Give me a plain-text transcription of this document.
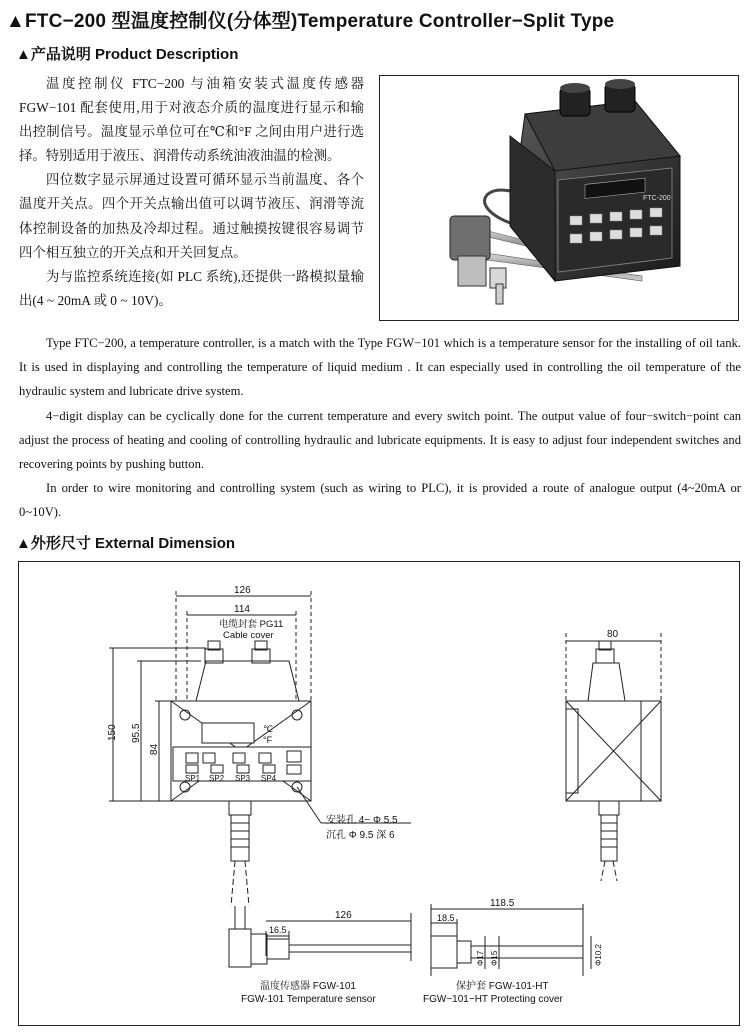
▲FTC−200 型温度控制仪(分体型)Temperature Controller−Split Type
▲产品说明 Product Description

温度控制仪 FTC−200 与油箱安装式温度传感器 FGW−101 配套使用,用于对液态介质的温度进行显示和输出控制信号。温度显示单位可在℃和°F 之间由用户进行选择。特别适用于液压、润滑传动系统油液油温的检测。

四位数字显示屏通过设置可循环显示当前温度、各个温度开关点。四个开关点输出值可以调节液压、润滑等流体控制设备的加热及冷却过程。通过触摸按键很容易调节四个相互独立的开关点和开关回复点。

为与监控系统连接(如 PLC 系统),还提供一路模拟量输出(4 ~ 20mA 或 0 ~ 10V)。

FTC-200

Type FTC−200, a temperature controller, is a match with the Type FGW−101 which is a temperature sensor for the installing of oil tank. It is used in displaying and controlling the temperature of liquid medium . It can especially used in controlling the oil temperature of the hydraulic system and lubricate drive system.

4−digit display can be cyclically done for the current temperature and every switch point. The output value of four−switch−point can adjust the process of heating and cooling of controlling hydraulic and lubricate equipments. It is easy to adjust four independent switches and recovering points by pushing button.

In order to wire monitoring and controlling system (such as wiring to PLC), it is provided a route of analogue output (4~20mA or 0~10V).

▲外形尺寸 External Dimension
126
114
电缆封套 PG11
Cable cover
150 95.5
84
℃
°F
SP1 SP2 SP3 SP4
安装孔 4− Φ 5.5
沉孔 Φ 9.5 深 6
80
126
16.5
温度传感器 FGW-101
FGW-101 Temperature sensor
118.5
18.5
Φ17 Φ15	Φ10.2
保护套 FGW-101-HT
FGW−101−HT Protecting cover
